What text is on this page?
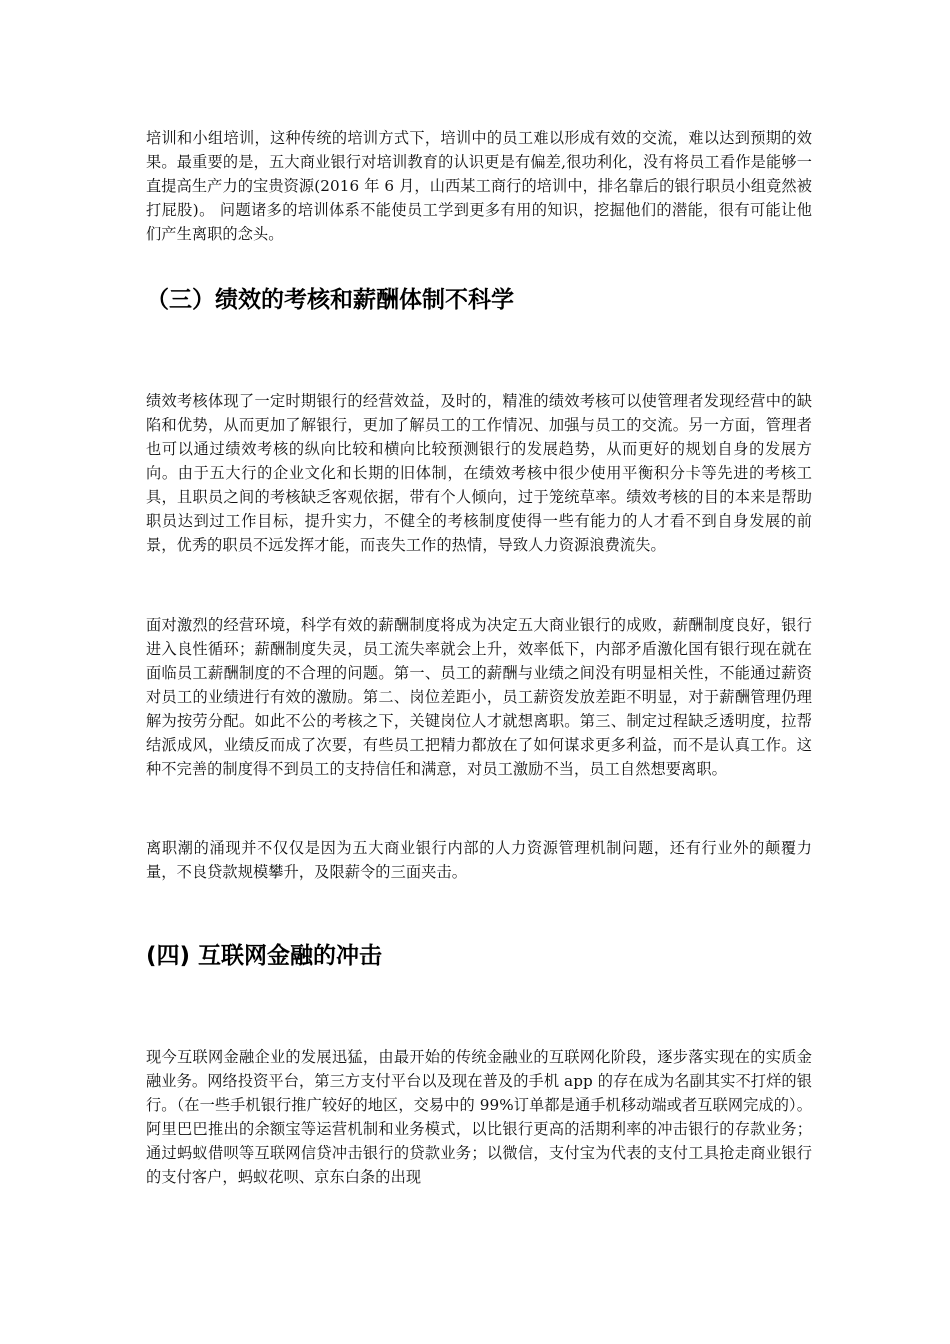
培训和小组培训，这种传统的培训方式下，培训中的员工难以形成有效的交流，难以达到预期的效果。最重要的是，五大商业银行对培训教育的认识更是有偏差,很功利化，没有将员工看作是能够一直提高生产力的宝贵资源(2016 年 6 月，山西某工商行的培训中，排名靠后的银行职员小组竟然被打屁股)。 问题诸多的培训体系不能使员工学到更多有用的知识，挖掘他们的潜能，很有可能让他们产生离职的念头。

（三）绩效的考核和薪酬体制不科学

绩效考核体现了一定时期银行的经营效益，及时的，精准的绩效考核可以使管理者发现经营中的缺陷和优势，从而更加了解银行，更加了解员工的工作情况、加强与员工的交流。另一方面，管理者也可以通过绩效考核的纵向比较和横向比较预测银行的发展趋势，从而更好的规划自身的发展方向。由于五大行的企业文化和长期的旧体制，在绩效考核中很少使用平衡积分卡等先进的考核工具，且职员之间的考核缺乏客观依据，带有个人倾向，过于笼统草率。绩效考核的目的本来是帮助职员达到过工作目标，提升实力，不健全的考核制度使得一些有能力的人才看不到自身发展的前景，优秀的职员不远发挥才能，而丧失工作的热情，导致人力资源浪费流失。

面对激烈的经营环境，科学有效的薪酬制度将成为决定五大商业银行的成败，薪酬制度良好，银行进入良性循环；薪酬制度失灵，员工流失率就会上升，效率低下，内部矛盾激化国有银行现在就在面临员工薪酬制度的不合理的问题。第一、员工的薪酬与业绩之间没有明显相关性，不能通过薪资对员工的业绩进行有效的激励。第二、岗位差距小，员工薪资发放差距不明显，对于薪酬管理仍理解为按劳分配。如此不公的考核之下，关键岗位人才就想离职。第三、制定过程缺乏透明度，拉帮结派成风，业绩反而成了次要，有些员工把精力都放在了如何谋求更多利益，而不是认真工作。这种不完善的制度得不到员工的支持信任和满意，对员工激励不当，员工自然想要离职。

离职潮的涌现并不仅仅是因为五大商业银行内部的人力资源管理机制问题，还有行业外的颠覆力量，不良贷款规模攀升，及限薪令的三面夹击。

(四) 互联网金融的冲击

现今互联网金融企业的发展迅猛，由最开始的传统金融业的互联网化阶段，逐步落实现在的实质金融业务。网络投资平台，第三方支付平台以及现在普及的手机 app 的存在成为名副其实不打烊的银行。（在一些手机银行推广较好的地区，交易中的 99%订单都是通手机移动端或者互联网完成的）。阿里巴巴推出的余额宝等运营机制和业务模式，以比银行更高的活期利率的冲击银行的存款业务；通过蚂蚁借呗等互联网信贷冲击银行的贷款业务；以微信，支付宝为代表的支付工具抢走商业银行的支付客户，蚂蚁花呗、京东白条的出现
